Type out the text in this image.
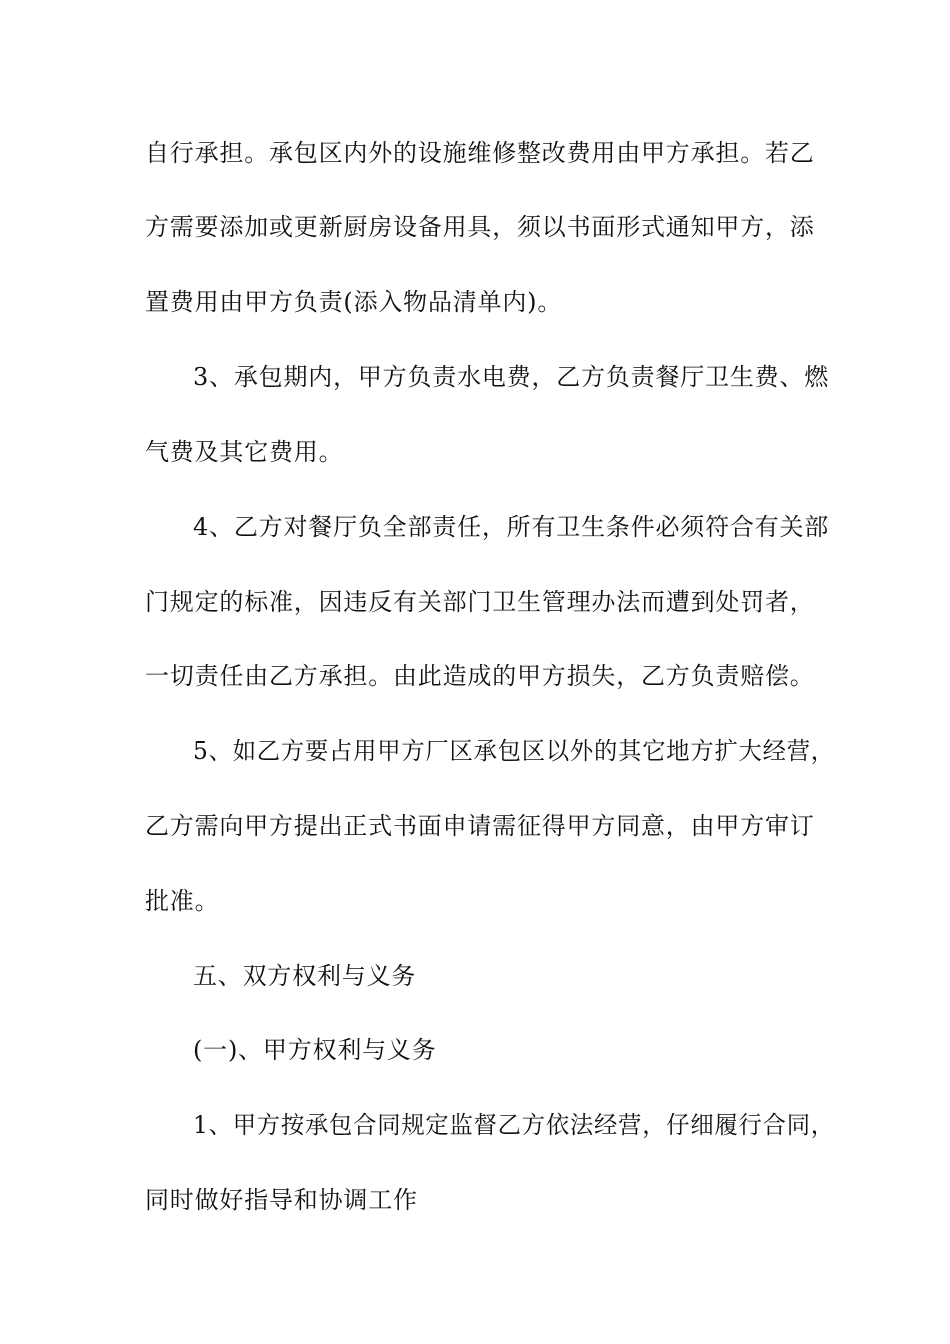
自行承担。承包区内外的设施维修整改费用由甲方承担。若乙

方需要添加或更新厨房设备用具，须以书面形式通知甲方，添

置费用由甲方负责(添入物品清单内)。

3、承包期内，甲方负责水电费，乙方负责餐厅卫生费、燃

气费及其它费用。

4、乙方对餐厅负全部责任，所有卫生条件必须符合有关部

门规定的标准，因违反有关部门卫生管理办法而遭到处罚者，

一切责任由乙方承担。由此造成的甲方损失，乙方负责赔偿。

5、如乙方要占用甲方厂区承包区以外的其它地方扩大经营，

乙方需向甲方提出正式书面申请需征得甲方同意，由甲方审订

批准。

五、双方权利与义务

(一)、甲方权利与义务

1、甲方按承包合同规定监督乙方依法经营，仔细履行合同，

同时做好指导和协调工作
